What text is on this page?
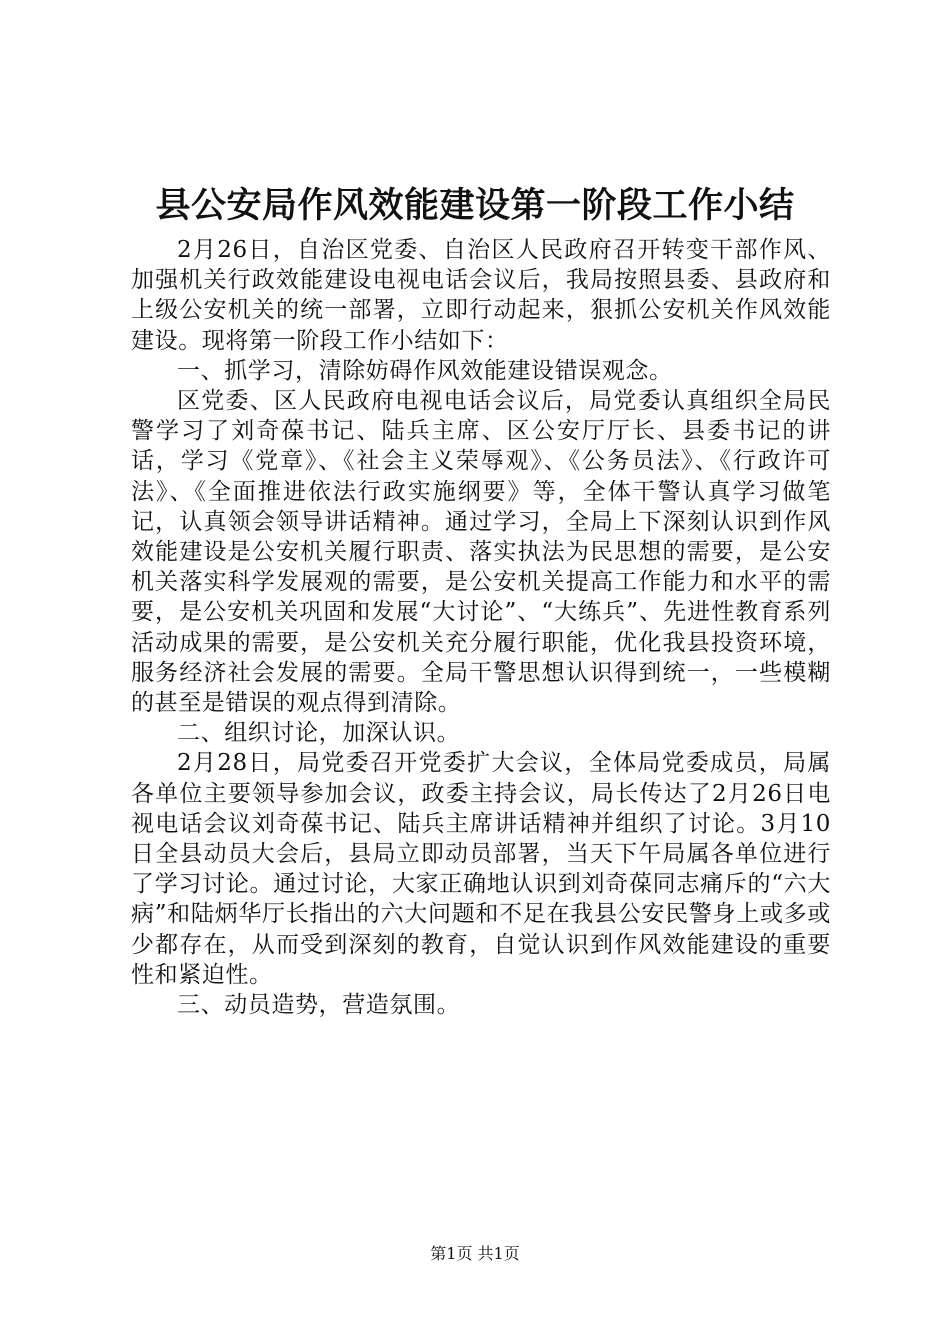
县公安局作风效能建设第一阶段工作小结

2月26日，自治区党委、自治区人民政府召开转变干部作风、加强机关行政效能建设电视电话会议后，我局按照县委、县政府和上级公安机关的统一部署，立即行动起来，狠抓公安机关作风效能建设。现将第一阶段工作小结如下：

一、抓学习，清除妨碍作风效能建设错误观念。

区党委、区人民政府电视电话会议后，局党委认真组织全局民警学习了刘奇葆书记、陆兵主席、区公安厅厅长、县委书记的讲话，学习《党章》、《社会主义荣辱观》、《公务员法》、《行政许可法》、《全面推进依法行政实施纲要》等，全体干警认真学习做笔记，认真领会领导讲话精神。通过学习，全局上下深刻认识到作风效能建设是公安机关履行职责、落实执法为民思想的需要，是公安机关落实科学发展观的需要，是公安机关提高工作能力和水平的需要，是公安机关巩固和发展“大讨论”、“大练兵”、先进性教育系列活动成果的需要，是公安机关充分履行职能，优化我县投资环境，服务经济社会发展的需要。全局干警思想认识得到统一，一些模糊的甚至是错误的观点得到清除。

二、组织讨论，加深认识。

2月28日，局党委召开党委扩大会议，全体局党委成员，局属各单位主要领导参加会议，政委主持会议，局长传达了2月26日电视电话会议刘奇葆书记、陆兵主席讲话精神并组织了讨论。3月10日全县动员大会后，县局立即动员部署，当天下午局属各单位进行了学习讨论。通过讨论，大家正确地认识到刘奇葆同志痛斥的“六大病”和陆炳华厅长指出的六大问题和不足在我县公安民警身上或多或少都存在，从而受到深刻的教育，自觉认识到作风效能建设的重要性和紧迫性。

三、动员造势，营造氛围。

第1页 共1页
